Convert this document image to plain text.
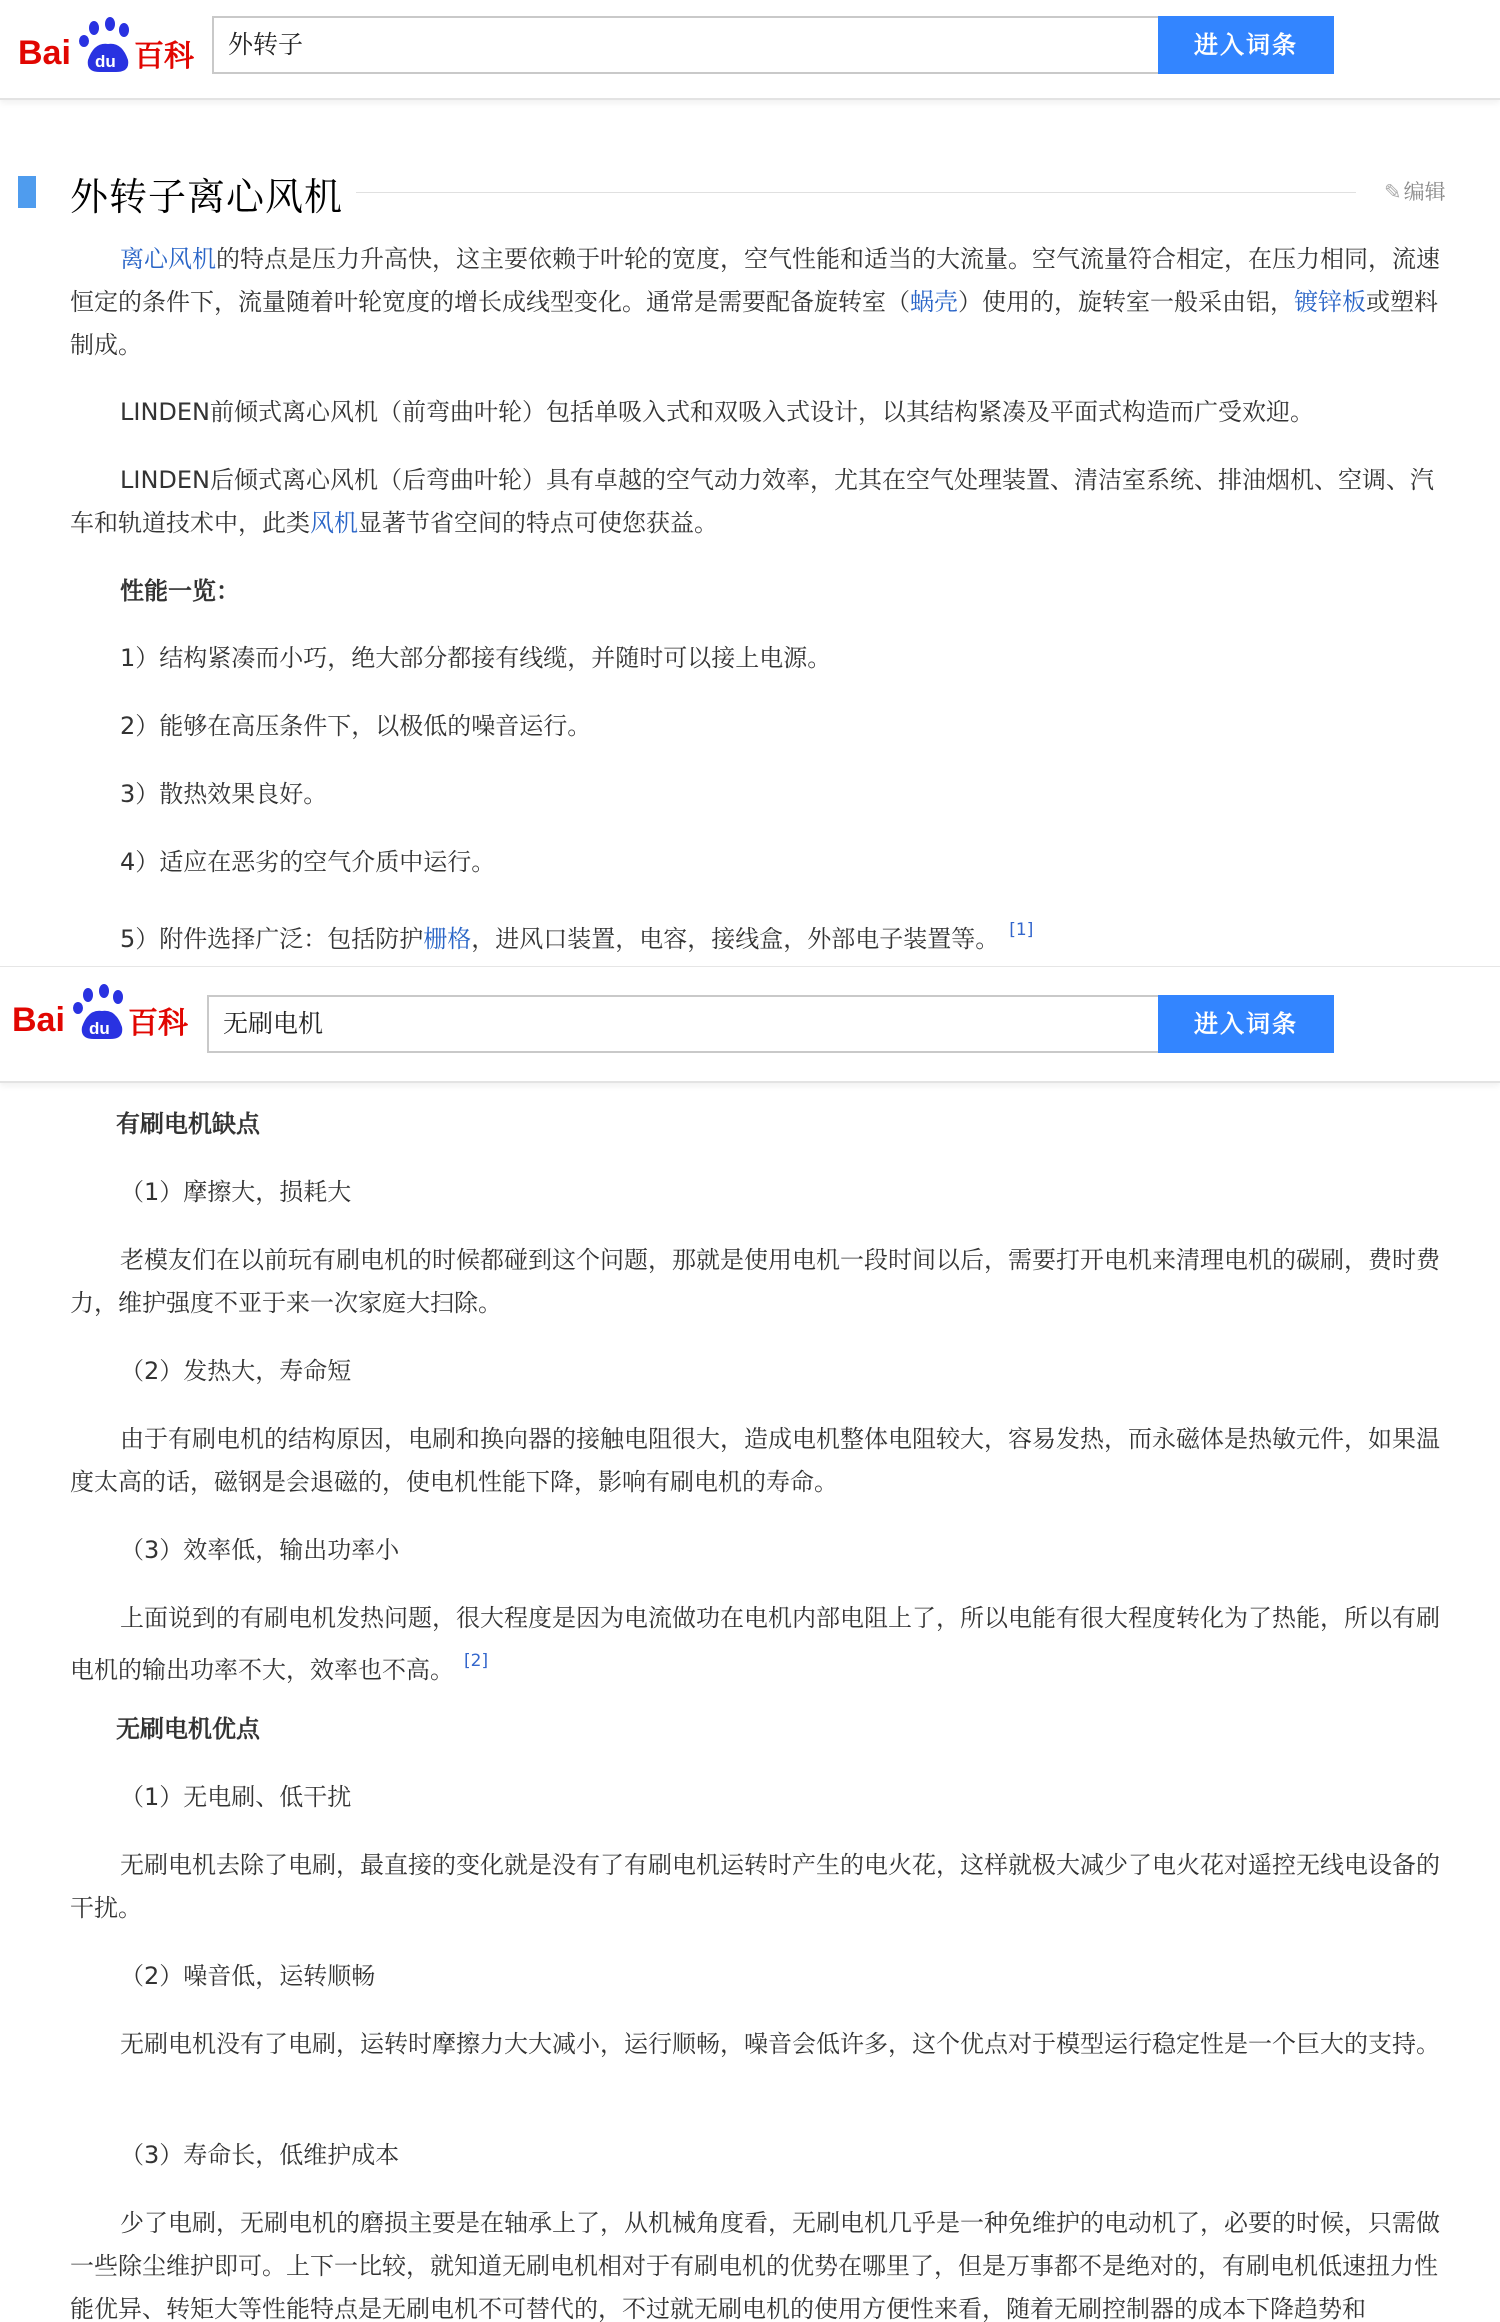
Bai du 百科	外转子	进入词条
外转子离心风机	✎编辑
离心风机的特点是压力升高快，这主要依赖于叶轮的宽度，空气性能和适当的大流量。空气流量符合相定，在压力相同，流速恒定的条件下，流量随着叶轮宽度的增长成线型变化。通常是需要配备旋转室（蜗壳）使用的，旋转室一般采由铝，镀锌板或塑料制成。
LINDEN前倾式离心风机（前弯曲叶轮）包括单吸入式和双吸入式设计，以其结构紧凑及平面式构造而广受欢迎。
LINDEN后倾式离心风机（后弯曲叶轮）具有卓越的空气动力效率，尤其在空气处理装置、清洁室系统、排油烟机、空调、汽车和轨道技术中，此类风机显著节省空间的特点可使您获益。
性能一览：
1）结构紧凑而小巧，绝大部分都接有线缆，并随时可以接上电源。
2）能够在高压条件下，以极低的噪音运行。
3）散热效果良好。
4）适应在恶劣的空气介质中运行。
5）附件选择广泛：包括防护栅格，进风口装置，电容，接线盒，外部电子装置等。 [1]
Bai du 百科	无刷电机	进入词条
有刷电机缺点
（1）摩擦大，损耗大
老模友们在以前玩有刷电机的时候都碰到这个问题，那就是使用电机一段时间以后，需要打开电机来清理电机的碳刷，费时费力，维护强度不亚于来一次家庭大扫除。
（2）发热大，寿命短
由于有刷电机的结构原因，电刷和换向器的接触电阻很大，造成电机整体电阻较大，容易发热，而永磁体是热敏元件，如果温度太高的话，磁钢是会退磁的，使电机性能下降，影响有刷电机的寿命。
（3）效率低，输出功率小
上面说到的有刷电机发热问题，很大程度是因为电流做功在电机内部电阻上了，所以电能有很大程度转化为了热能，所以有刷电机的输出功率不大，效率也不高。 [2]
无刷电机优点
（1）无电刷、低干扰
无刷电机去除了电刷，最直接的变化就是没有了有刷电机运转时产生的电火花，这样就极大减少了电火花对遥控无线电设备的干扰。
（2）噪音低，运转顺畅
无刷电机没有了电刷，运转时摩擦力大大减小，运行顺畅，噪音会低许多，这个优点对于模型运行稳定性是一个巨大的支持。
（3）寿命长，低维护成本
少了电刷，无刷电机的磨损主要是在轴承上了，从机械角度看，无刷电机几乎是一种免维护的电动机了，必要的时候，只需做一些除尘维护即可。上下一比较，就知道无刷电机相对于有刷电机的优势在哪里了，但是万事都不是绝对的，有刷电机低速扭力性能优异、转矩大等性能特点是无刷电机不可替代的，不过就无刷电机的使用方便性来看，随着无刷控制器的成本下降趋势和
